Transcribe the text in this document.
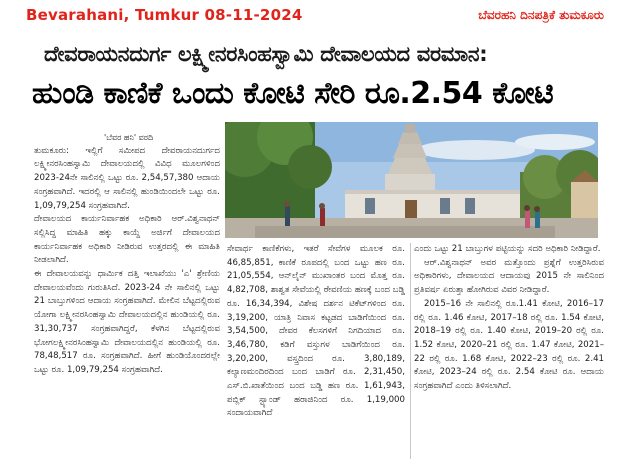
Bevarahani, Tumkur 08-11-2024	ಬೆವರಹನಿ ದಿನಪತ್ರಿಕೆ ತುಮಕೂರು
ದೇವರಾಯನದುರ್ಗ ಲಕ್ಷ್ಮೀನರಸಿಂಹಸ್ವಾಮಿ ದೇವಾಲಯದ ವರಮಾನ:
ಹುಂಡಿ ಕಾಣಿಕೆ ಒಂದು ಕೋಟಿ ಸೇರಿ ರೂ.2.54 ಕೋಟಿ
'ಬೆವರ ಹನಿ' ವರದಿ

ತುಮಕೂರು: ಇಲ್ಲಿಗೆ ಸಮೀಪದ ದೇವರಾಯನದುರ್ಗದ ಲಕ್ಷ್ಮೀನರಸಿಂಹಸ್ವಾಮಿ ದೇವಾಲಯದಲ್ಲಿ ವಿವಿಧ ಮೂಲಗಳಿಂದ 2023-24ನೇ ಸಾಲಿನಲ್ಲಿ ಒಟ್ಟು ರೂ. 2,54,57,380 ಆದಾಯ ಸಂಗ್ರಹವಾಗಿದೆ. ಇದರಲ್ಲಿ ಆ ಸಾಲಿನಲ್ಲಿ ಹುಂಡಿಯಿಂದಲೇ ಒಟ್ಟು ರೂ. 1,09,79,254 ಸಂಗ್ರಹವಾಗಿದೆ.

ದೇವಾಲಯದ ಕಾರ್ಯನಿರ್ವಾಹಕ ಅಧಿಕಾರಿ ಆರ್.ವಿಶ್ವನಾಥನ್ ಸಲ್ಲಿಸಿದ್ದ ಮಾಹಿತಿ ಹಕ್ಕು ಕಾಯ್ದೆ ಅರ್ಜಿಗೆ ದೇವಾಲಯದ ಕಾರ್ಯನಿರ್ವಾಹಕ ಅಧಿಕಾರಿ ನೀಡಿರುವ ಉತ್ತರದಲ್ಲಿ ಈ ಮಾಹಿತಿ ನೀಡಲಾಗಿದೆ.

ಈ ದೇವಾಲಯವನ್ನು ಧಾರ್ಮಿಕ ದತ್ತಿ ಇಲಾಖೆಯು 'ಎ' ಶ್ರೇಣಿಯ ದೇವಾಲಯವೆಂದು ಗುರುತಿಸಿದೆ. 2023-24 ನೇ ಸಾಲಿನಲ್ಲಿ ಒಟ್ಟು 21 ಬಾಬ್ತುಗಳಿಂದ ಆದಾಯ ಸಂಗ್ರಹವಾಗಿದೆ. ಮೇಲಿನ ಬೆಟ್ಟದಲ್ಲಿರುವ ಯೋಗಾ ಲಕ್ಷ್ಮೀನರಸಿಂಹಸ್ವಾಮಿ ದೇವಾಲಯದಲ್ಲಿನ ಹುಂಡಿಯಲ್ಲಿ ರೂ. 31,30,737 ಸಂಗ್ರಹವಾಗಿದ್ದರೆ, ಕೆಳಗಿನ ಬೆಟ್ಟದಲ್ಲಿರುವ ಭೋಗಲಕ್ಷ್ಮೀನರಸಿಂಹಸ್ವಾಮಿ ದೇವಾಲಯದಲ್ಲಿನ ಹುಂಡಿಯಲ್ಲಿ ರೂ. 78,48,517 ರೂ. ಸಂಗ್ರಹವಾಗಿದೆ. ಹೀಗೆ ಹುಂಡಿಯೊಂದರಲ್ಲೇ ಒಟ್ಟು ರೂ. 1,09,79,254 ಸಂಗ್ರಹವಾಗಿದೆ.

ಸೇವಾರ್ಥ ಕಾಣಿಕೆಗಳು, ಇತರೆ ಸೇವೆಗಳ ಮೂಲಕ ರೂ. 46,85,851, ಕಾಣಿಕೆ ರೂಪದಲ್ಲಿ ಬಂದ ಒಟ್ಟು ಹಣ ರೂ. 21,05,554, ಆನ್‌ಲೈನ್ ಮುಖಾಂತರ ಬಂದ ಮೊತ್ತ ರೂ. 4,82,708, ಶಾಶ್ವತ ಸೇವೆಯಲ್ಲಿ ಠೇವಣಿಯ ಹಣಕ್ಕೆ ಬಂದ ಬಡ್ಡಿ ರೂ. 16,34,394, ವಿಶೇಷ ದರ್ಶನ ಟಿಕೆಟ್‌ಗಳಿಂದ ರೂ. 3,19,200, ಯಾತ್ರಿ ನಿವಾಸ ಕಟ್ಟಡದ ಬಾಡಿಗೆಯಿಂದ ರೂ. 3,54,500, ದೇವರ ಕೆಲಸಗಳಿಗೆ ನಿಗದಿಯಾದ ರೂ. 3,46,780, ಕಡಿಗೆ ವಸ್ತುಗಳ ಬಾಡಿಗೆಯಿಂದ ರೂ. 3,20,200, ವಸ್ತ್ರದಿಂದ ರೂ. 3,80,189, ಕಲ್ಯಾಣಮಂದಿರದಿಂದ ಬಂದ ಬಾಡಿಗೆ ರೂ. 2,31,450, ಎಸ್.ಬಿ.ಖಾತೆಯಿಂದ ಬಂದ ಬಡ್ಡಿ ಹಣ ರೂ. 1,61,943, ಪಬ್ಲಿಕ್ ಸ್ಟ್ಯಾಂಡ್ ಹರಾಜಿನಿಂದ ರೂ. 1,19,000 ಸಂದಾಯವಾಗಿದೆ

ಎಂದು ಒಟ್ಟು 21 ಬಾಬ್ತುಗಳ ಪಟ್ಟಿಯನ್ನು ಸದರಿ ಅಧಿಕಾರಿ ನೀಡಿದ್ದಾರೆ.

ಆರ್.ವಿಶ್ವನಾಥನ್ ಅವರ ಮತ್ತೊಂದು ಪ್ರಶ್ನೆಗೆ ಉತ್ತರಿಸಿರುವ ಅಧಿಕಾರಿಗಳು, ದೇವಾಲಯದ ಆದಾಯವು 2015 ನೇ ಸಾಲಿನಿಂದ ಪ್ರತಿವರ್ಷ ಏರುತ್ತಾ ಹೋಗಿರುವ ವಿವರ ನೀಡಿದ್ದಾರೆ.

2015–16 ನೇ ಸಾಲಿನಲ್ಲಿ ರೂ.1.41 ಕೋಟಿ, 2016–17 ರಲ್ಲಿ ರೂ. 1.46 ಕೋಟಿ, 2017–18 ರಲ್ಲಿ ರೂ. 1.54 ಕೋಟಿ, 2018–19 ರಲ್ಲಿ ರೂ. 1.40 ಕೋಟಿ, 2019–20 ರಲ್ಲಿ ರೂ. 1.52 ಕೋಟಿ, 2020–21 ರಲ್ಲಿ ರೂ. 1.47 ಕೋಟಿ, 2021–22 ರಲ್ಲಿ ರೂ. 1.68 ಕೋಟಿ, 2022–23 ರಲ್ಲಿ ರೂ. 2.41 ಕೋಟಿ, 2023–24 ರಲ್ಲಿ ರೂ. 2.54 ಕೋಟಿ ರೂ. ಆದಾಯ ಸಂಗ್ರಹವಾಗಿದೆ ಎಂದು ತಿಳಿಸಲಾಗಿದೆ.
